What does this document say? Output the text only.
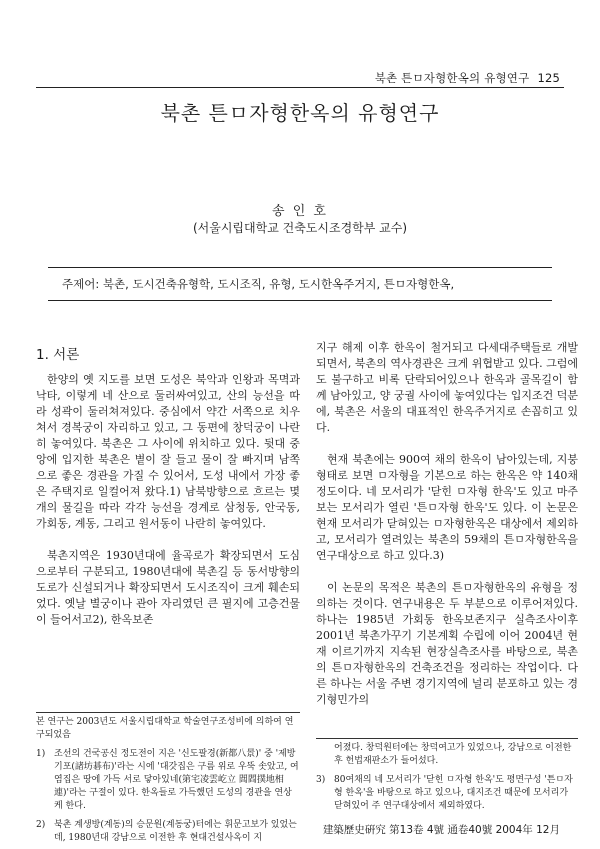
북촌 튼ㅁ자형한옥의 유형연구 125
북촌 튼ㅁ자형한옥의 유형연구
송 인 호
(서울시립대학교 건축도시조경학부 교수)
주제어: 북촌, 도시건축유형학, 도시조직, 유형, 도시한옥주거지, 튼ㅁ자형한옥,
1. 서론

한양의 옛 지도를 보면 도성은 북악과 인왕과 목멱과 낙타, 이렇게 네 산으로 둘러싸여있고, 산의 능선을 따라 성곽이 둘러쳐져있다. 중심에서 약간 서쪽으로 치우쳐서 경복궁이 자리하고 있고, 그 동편에 창덕궁이 나란히 놓여있다. 북촌은 그 사이에 위치하고 있다. 뒷대 중앙에 입지한 북촌은 볕이 잘 들고 물이 잘 빠지며 남쪽으로 좋은 경관을 가질 수 있어서, 도성 내에서 가장 좋은 주택지로 일컬어져 왔다.1) 남북방향으로 흐르는 몇 개의 물길을 따라 각각 능선을 경계로 삼청동, 안국동, 가회동, 계동, 그리고 원서동이 나란히 놓여있다.

북촌지역은 1930년대에 율곡로가 확장되면서 도심으로부터 구분되고, 1980년대에 북촌길 등 동서방향의 도로가 신설되거나 확장되면서 도시조직이 크게 훼손되었다. 옛날 별궁이나 관아 자리였던 큰 필지에 고층건물이 들어서고2), 한옥보존

본 연구는 2003년도 서울시립대학교 학술연구조성비에 의하여 연구되었음
1) 조선의 건국공신 정도전이 지은 '신도팔경(新都八景)' 중 '제방기포(諸坊碁布)'라는 시에 '대갓집은 구름 위로 우뚝 솟았고, 여염집은 땅에 가득 서로 닿아있네(第宅凌雲屹立 閭閻撲地相連)'라는 구절이 있다. 한옥들로 가득했던 도성의 경관을 연상케 한다.
2) 북촌 계생방(계동)의 승문원(계동궁)터에는 휘문고보가 있었는데, 1980년대 강남으로 이전한 후 현대건설사옥이 지

지구 해제 이후 한옥이 철거되고 다세대주택들로 개발되면서, 북촌의 역사경관은 크게 위협받고 있다. 그럼에도 불구하고 비록 단락되어있으나 한옥과 골목길이 함께 남아있고, 양 궁궐 사이에 놓여있다는 입지조건 덕분에, 북촌은 서울의 대표적인 한옥주거지로 손꼽히고 있다.

현재 북촌에는 900여 채의 한옥이 남아있는데, 지붕형태로 보면 ㅁ자형을 기본으로 하는 한옥은 약 140채 정도이다. 네 모서리가 '닫힌 ㅁ자형 한옥'도 있고 마주보는 모서리가 열린 '튼ㅁ자형 한옥'도 있다. 이 논문은 현재 모서리가 닫혀있는 ㅁ자형한옥은 대상에서 제외하고, 모서리가 열려있는 북촌의 59채의 튼ㅁ자형한옥을 연구대상으로 하고 있다.3)

이 논문의 목적은 북촌의 튼ㅁ자형한옥의 유형을 정의하는 것이다. 연구내용은 두 부분으로 이루어져있다. 하나는 1985년 가회동 한옥보존지구 실측조사이후 2001년 북촌가꾸기 기본계획 수립에 이어 2004년 현재 이르기까지 지속된 현장실측조사를 바탕으로, 북촌의 튼ㅁ자형한옥의 건축조건을 정리하는 작업이다. 다른 하나는 서울 주변 경기지역에 널리 분포하고 있는 경기형민가의

어졌다. 창덕원터에는 창덕여고가 있었으나, 강남으로 이전한 후 헌법재판소가 들어섰다.
3) 80여채의 네 모서리가 '닫힌 ㅁ자형 한옥'도 평면구성 '튼ㅁ자형 한옥'을 바탕으로 하고 있으나, 대지조건 때문에 모서리가 닫혀있어 주 연구대상에서 제외하였다.
建築歷史硏究 第13卷 4號 通卷40號 2004年 12月
